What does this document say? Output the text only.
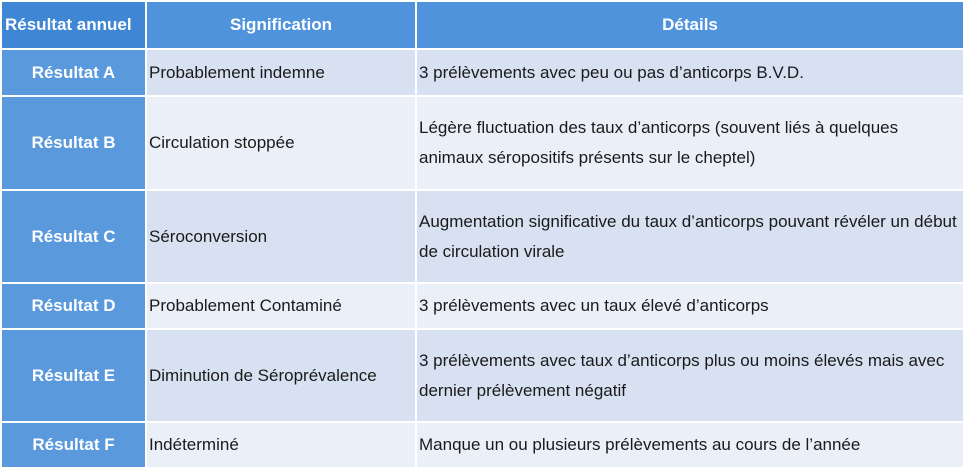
Résultat annuel	Signification	Détails
Résultat A	Probablement indemne	3 prélèvements avec peu ou pas d’anticorps B.V.D.
Résultat B	Circulation stoppée	Légère fluctuation des taux d’anticorps (souvent liés à quelques animaux séropositifs présents sur le cheptel)
Résultat C	Séroconversion	Augmentation significative du taux d’anticorps pouvant révéler un début de circulation virale
Résultat D	Probablement Contaminé	3 prélèvements avec un taux élevé d’anticorps
Résultat E	Diminution de Séroprévalence	3 prélèvements avec taux d’anticorps plus ou moins élevés mais avec dernier prélèvement négatif
Résultat F	Indéterminé	Manque un ou plusieurs prélèvements au cours de l’année
